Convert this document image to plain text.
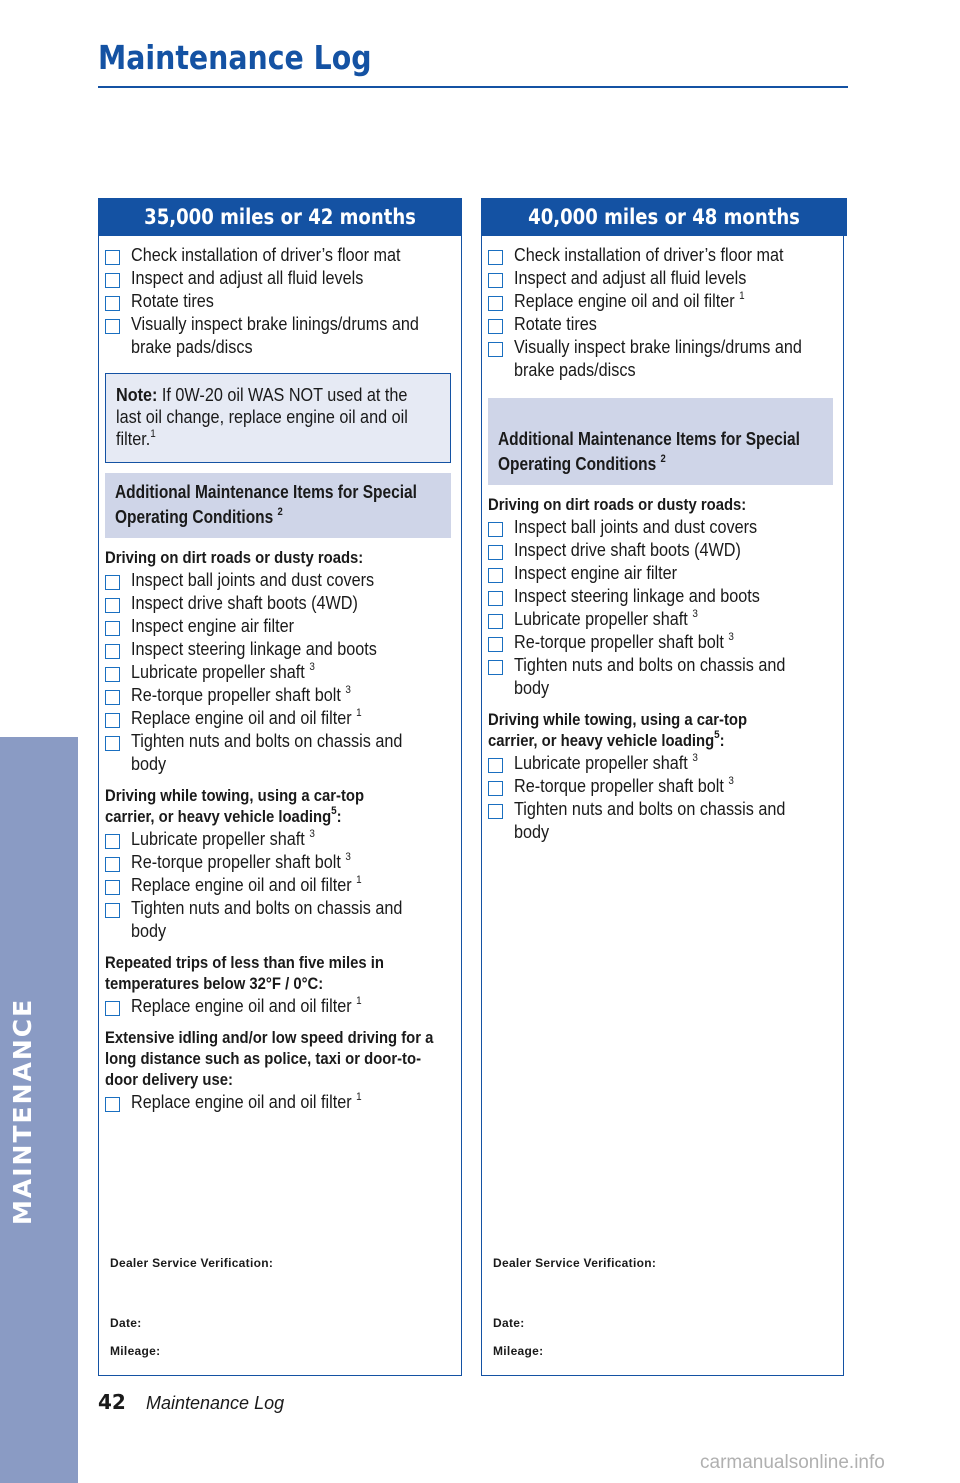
Maintenance Log
35,000 miles or 42 months
Check installation of driver’s floor mat
Inspect and adjust all fluid levels
Rotate tires
Visually inspect brake linings/drums and brake pads/discs
Note: If 0W-20 oil WAS NOT used at the last oil change, replace engine oil and oil filter.$^1$
Additional Maintenance Items for Special Operating Conditions $^2$
Driving on dirt roads or dusty roads:
Inspect ball joints and dust covers
Inspect drive shaft boots (4WD)
Inspect engine air filter
Inspect steering linkage and boots
Lubricate propeller shaft $^3$
Re-torque propeller shaft bolt $^3$
Replace engine oil and oil filter $^1$
Tighten nuts and bolts on chassis and body
Driving while towing, using a car-top carrier, or heavy vehicle loading$^5$:
Lubricate propeller shaft $^3$
Re-torque propeller shaft bolt $^3$
Replace engine oil and oil filter $^1$
Tighten nuts and bolts on chassis and body
Repeated trips of less than five miles in temperatures below 32°F / 0°C:
Replace engine oil and oil filter $^1$
Extensive idling and/or low speed driving for a long distance such as police, taxi or door-to-door delivery use:
Replace engine oil and oil filter $^1$
Dealer Service Verification:
Date:
Mileage:
40,000 miles or 48 months
Check installation of driver’s floor mat
Inspect and adjust all fluid levels
Replace engine oil and oil filter $^1$
Rotate tires
Visually inspect brake linings/drums and brake pads/discs
Additional Maintenance Items for Special Operating Conditions $^2$
Driving on dirt roads or dusty roads:
Inspect ball joints and dust covers
Inspect drive shaft boots (4WD)
Inspect engine air filter
Inspect steering linkage and boots
Lubricate propeller shaft $^3$
Re-torque propeller shaft bolt $^3$
Tighten nuts and bolts on chassis and body
Driving while towing, using a car-top carrier, or heavy vehicle loading$^5$:
Lubricate propeller shaft $^3$
Re-torque propeller shaft bolt $^3$
Tighten nuts and bolts on chassis and body
Dealer Service Verification:
Date:
Mileage:
42 Maintenance Log
carmanualsonline.info
